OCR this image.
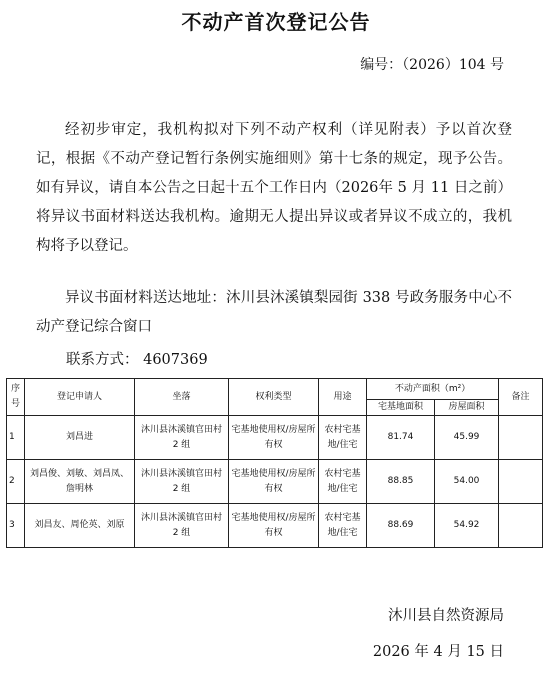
不动产首次登记公告
编号：（2026）104 号

经初步审定，我机构拟对下列不动产权利（详见附表）予以首次登记，根据《不动产登记暂行条例实施细则》第十七条的规定，现予公告。如有异议，请自本公告之日起十五个工作日内（2026年 5 月 11 日之前）将异议书面材料送达我机构。逾期无人提出异议或者异议不成立的，我机构将予以登记。

异议书面材料送达地址：沐川县沐溪镇梨园街 338 号政务服务中心不动产登记综合窗口

联系方式： 4607369
序号	登记申请人	坐落	权利类型	用途	不动产面积（m²）		备注
					宅基地面积	房屋面积	
1	刘昌进	沐川县沐溪镇官田村 2 组	宅基地使用权/房屋所有权	农村宅基地/住宅	81.74	45.99	
2	刘昌俊、刘敏、刘昌凤、詹明林	沐川县沐溪镇官田村 2 组	宅基地使用权/房屋所有权	农村宅基地/住宅	88.85	54.00	
3	刘昌友、周伦英、刘原	沐川县沐溪镇官田村 2 组	宅基地使用权/房屋所有权	农村宅基地/住宅	88.69	54.92	
沐川县自然资源局
2026 年 4 月 15 日
